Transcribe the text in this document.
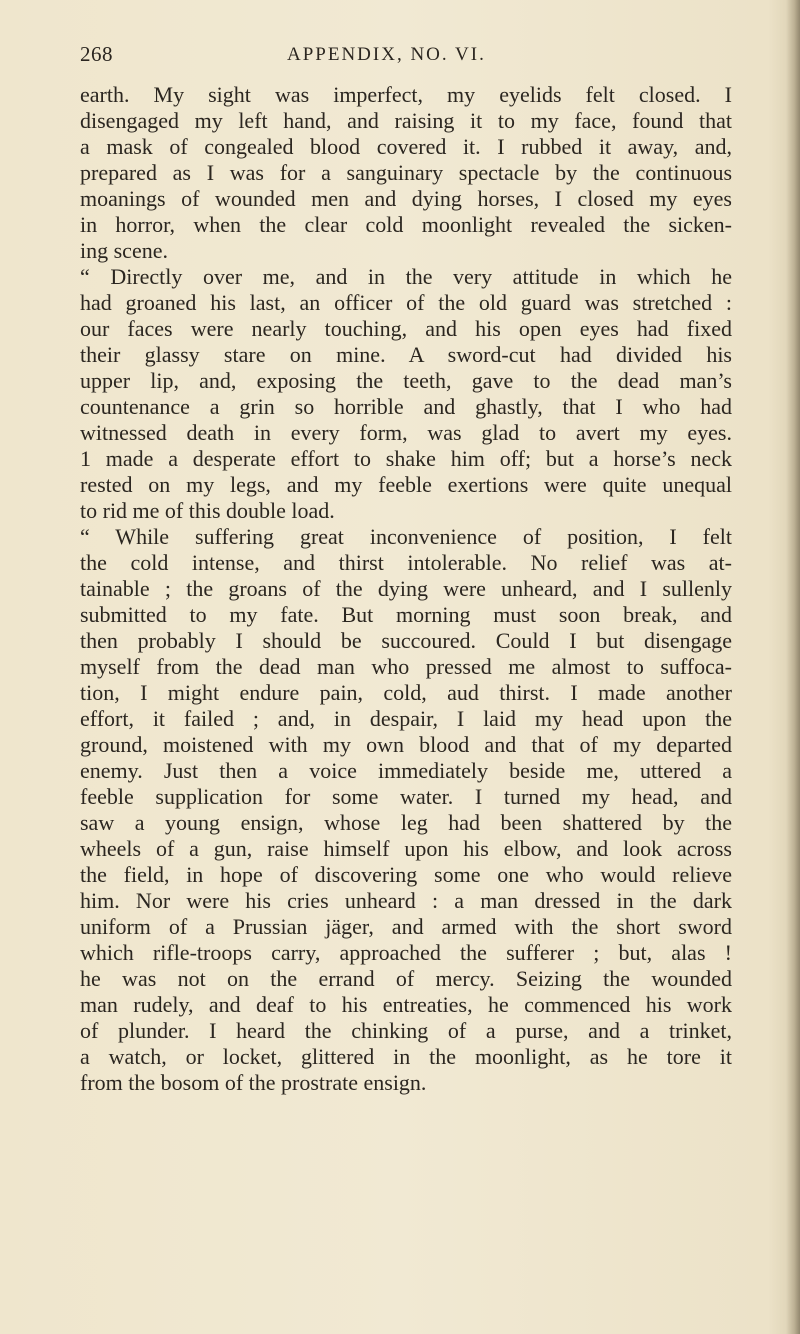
268	APPENDIX, NO. VI.
earth. My sight was imperfect, my eyelids felt closed. I
disengaged my left hand, and raising it to my face, found that
a mask of congealed blood covered it. I rubbed it away, and,
prepared as I was for a sanguinary spectacle by the continuous
moanings of wounded men and dying horses, I closed my eyes
in horror, when the clear cold moonlight revealed the sicken-
ing scene.
“ Directly over me, and in the very attitude in which he
had groaned his last, an officer of the old guard was stretched :
our faces were nearly touching, and his open eyes had fixed
their glassy stare on mine. A sword-cut had divided his
upper lip, and, exposing the teeth, gave to the dead man’s
countenance a grin so horrible and ghastly, that I who had
witnessed death in every form, was glad to avert my eyes.
1 made a desperate effort to shake him off; but a horse’s neck
rested on my legs, and my feeble exertions were quite unequal
to rid me of this double load.
“ While suffering great inconvenience of position, I felt
the cold intense, and thirst intolerable. No relief was at-
tainable ; the groans of the dying were unheard, and I sullenly
submitted to my fate. But morning must soon break, and
then probably I should be succoured. Could I but disengage
myself from the dead man who pressed me almost to suffoca-
tion, I might endure pain, cold, aud thirst. I made another
effort, it failed ; and, in despair, I laid my head upon the
ground, moistened with my own blood and that of my departed
enemy. Just then a voice immediately beside me, uttered a
feeble supplication for some water. I turned my head, and
saw a young ensign, whose leg had been shattered by the
wheels of a gun, raise himself upon his elbow, and look across
the field, in hope of discovering some one who would relieve
him. Nor were his cries unheard : a man dressed in the dark
uniform of a Prussian jäger, and armed with the short sword
which rifle-troops carry, approached the sufferer ; but, alas !
he was not on the errand of mercy. Seizing the wounded
man rudely, and deaf to his entreaties, he commenced his work
of plunder. I heard the chinking of a purse, and a trinket,
a watch, or locket, glittered in the moonlight, as he tore it
from the bosom of the prostrate ensign.
